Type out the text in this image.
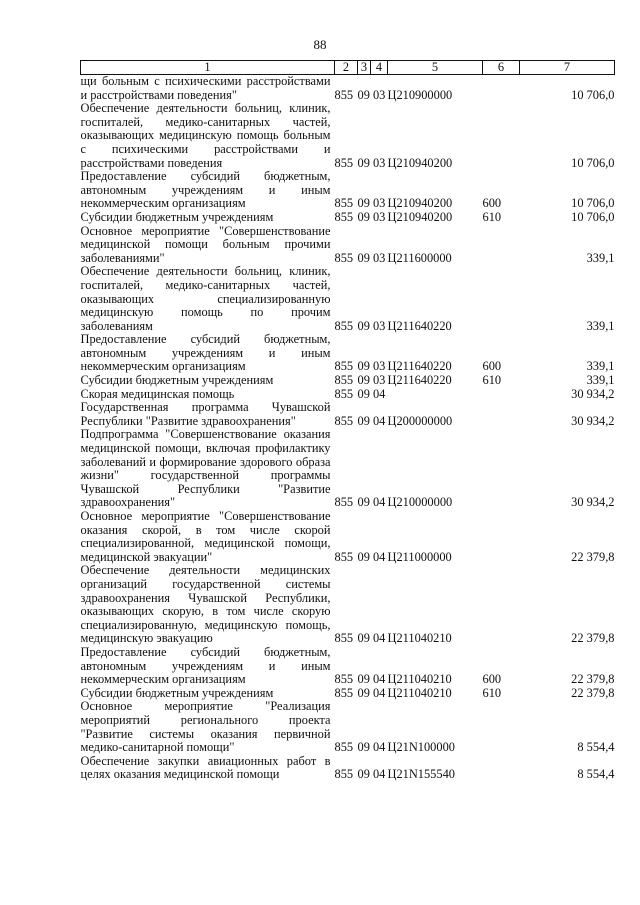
88
1	2	3	4	5	6	7
щи больным с психическими расстройствами и расстройствами поведения"	855	09 03		Ц210900000		10 706,0
Обеспечение деятельности больниц, клиник, госпиталей, медико-санитарных частей, оказывающих медицинскую помощь больным с психическими расстройствами и расстройствами поведения	855	09 03		Ц210940200		10 706,0
Предоставление субсидий бюджетным, автономным учреждениям и иным некоммерческим организациям	855	09 03		Ц210940200	600	10 706,0
Субсидии бюджетным учреждениям	855	09 03		Ц210940200	610	10 706,0
Основное мероприятие "Совершенствование медицинской помощи больным прочими заболеваниями"	855	09 03		Ц211600000		339,1
Обеспечение деятельности больниц, клиник, госпиталей, медико-санитарных частей, оказывающих специализированную медицинскую помощь по прочим заболеваниям	855	09 03		Ц211640220		339,1
Предоставление субсидий бюджетным, автономным учреждениям и иным некоммерческим организациям	855	09 03		Ц211640220	600	339,1
Субсидии бюджетным учреждениям	855	09 03		Ц211640220	610	339,1
Скорая медицинская помощь	855	09 04				30 934,2
Государственная программа Чувашской Республики "Развитие здравоохранения"	855	09 04		Ц200000000		30 934,2
Подпрограмма "Совершенствование оказания медицинской помощи, включая профилактику заболеваний и формирование здорового образа жизни" государственной программы Чувашской Республики "Развитие здравоохранения"	855	09 04		Ц210000000		30 934,2
Основное мероприятие "Совершенствование оказания скорой, в том числе скорой специализированной, медицинской помощи, медицинской эвакуации"	855	09 04		Ц211000000		22 379,8
Обеспечение деятельности медицинских организаций государственной системы здравоохранения Чувашской Республики, оказывающих скорую, в том числе скорую специализированную, медицинскую помощь, медицинскую эвакуацию	855	09 04		Ц211040210		22 379,8
Предоставление субсидий бюджетным, автономным учреждениям и иным некоммерческим организациям	855	09 04		Ц211040210	600	22 379,8
Субсидии бюджетным учреждениям	855	09 04		Ц211040210	610	22 379,8
Основное мероприятие "Реализация мероприятий регионального проекта "Развитие системы оказания первичной медико-санитарной помощи"	855	09 04		Ц21N100000		8 554,4
Обеспечение закупки авиационных работ в целях оказания медицинской помощи	855	09 04		Ц21N155540		8 554,4
